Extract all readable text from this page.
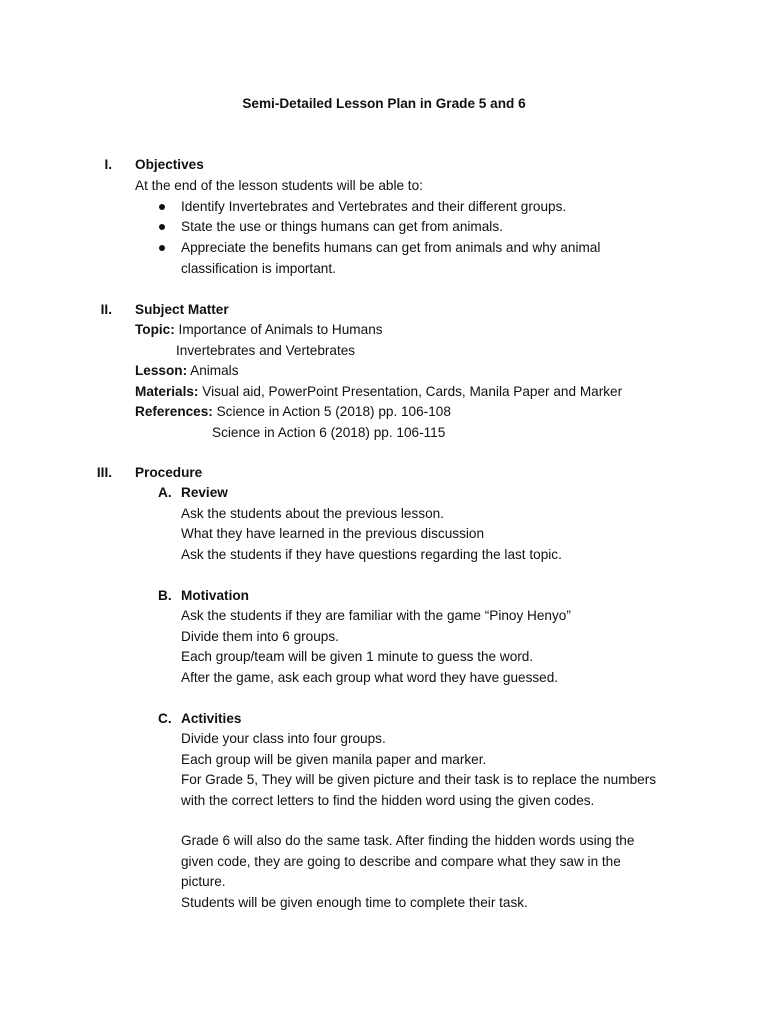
Semi-Detailed Lesson Plan in Grade 5 and 6
I. Objectives
At the end of the lesson students will be able to:
Identify Invertebrates and Vertebrates and their different groups.
State the use or things humans can get from animals.
Appreciate the benefits humans can get from animals and why animal
classification is important.
II. Subject Matter
Topic: Importance of Animals to Humans
Invertebrates and Vertebrates
Lesson: Animals
Materials: Visual aid, PowerPoint Presentation, Cards, Manila Paper and Marker
References: Science in Action 5 (2018) pp. 106-108
Science in Action 6 (2018) pp. 106-115
III. Procedure
A. Review
Ask the students about the previous lesson.
What they have learned in the previous discussion
Ask the students if they have questions regarding the last topic.
B. Motivation
Ask the students if they are familiar with the game “Pinoy Henyo”
Divide them into 6 groups.
Each group/team will be given 1 minute to guess the word.
After the game, ask each group what word they have guessed.
C. Activities
Divide your class into four groups.
Each group will be given manila paper and marker.
For Grade 5, They will be given picture and their task is to replace the numbers
with the correct letters to find the hidden word using the given codes.
Grade 6 will also do the same task. After finding the hidden words using the
given code, they are going to describe and compare what they saw in the
picture.
Students will be given enough time to complete their task.
